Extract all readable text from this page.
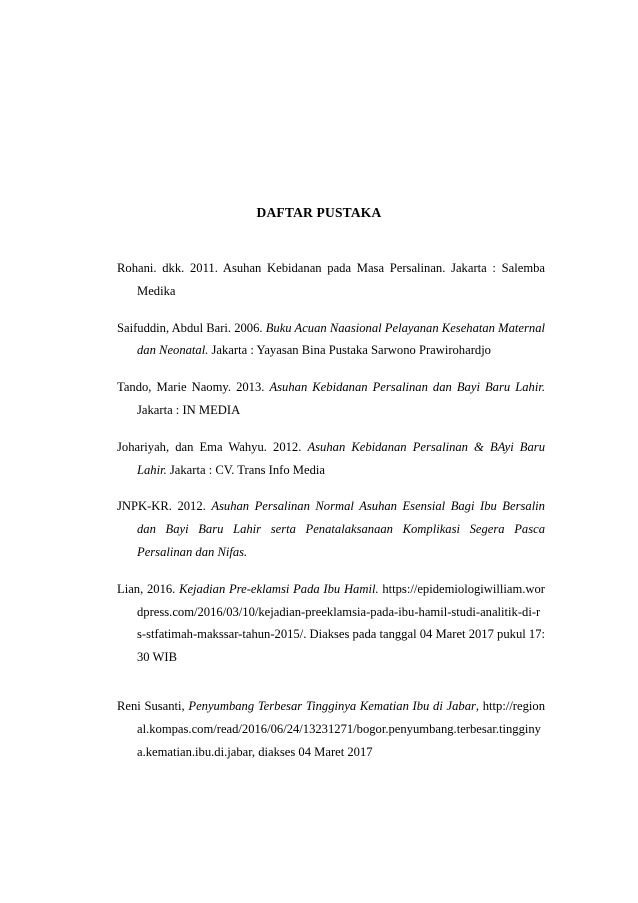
DAFTAR PUSTAKA

Rohani. dkk. 2011. Asuhan Kebidanan pada Masa Persalinan. Jakarta : Salemba Medika

Saifuddin, Abdul Bari. 2006. Buku Acuan Naasional Pelayanan Kesehatan Maternal dan Neonatal. Jakarta : Yayasan Bina Pustaka Sarwono Prawirohardjo

Tando, Marie Naomy. 2013. Asuhan Kebidanan Persalinan dan Bayi Baru Lahir. Jakarta : IN MEDIA

Johariyah, dan Ema Wahyu. 2012. Asuhan Kebidanan Persalinan & BAyi Baru Lahir. Jakarta : CV. Trans Info Media

JNPK-KR. 2012. Asuhan Persalinan Normal Asuhan Esensial Bagi Ibu Bersalin dan Bayi Baru Lahir serta Penatalaksanaan Komplikasi Segera Pasca Persalinan dan Nifas.

Lian, 2016. Kejadian Pre-eklamsi Pada Ibu Hamil. https://epidemiologiwilliam.wordpress.com/2016/03/10/kejadian-preeklamsia-pada-ibu-hamil-studi-analitik-di-rs-stfatimah-makssar-tahun-2015/. Diakses pada tanggal 04 Maret 2017 pukul 17:30 WIB

Reni Susanti, Penyumbang Terbesar Tingginya Kematian Ibu di Jabar, http://regional.kompas.com/read/2016/06/24/13231271/bogor.penyumbang.terbesar.tingginya.kematian.ibu.di.jabar, diakses 04 Maret 2017
